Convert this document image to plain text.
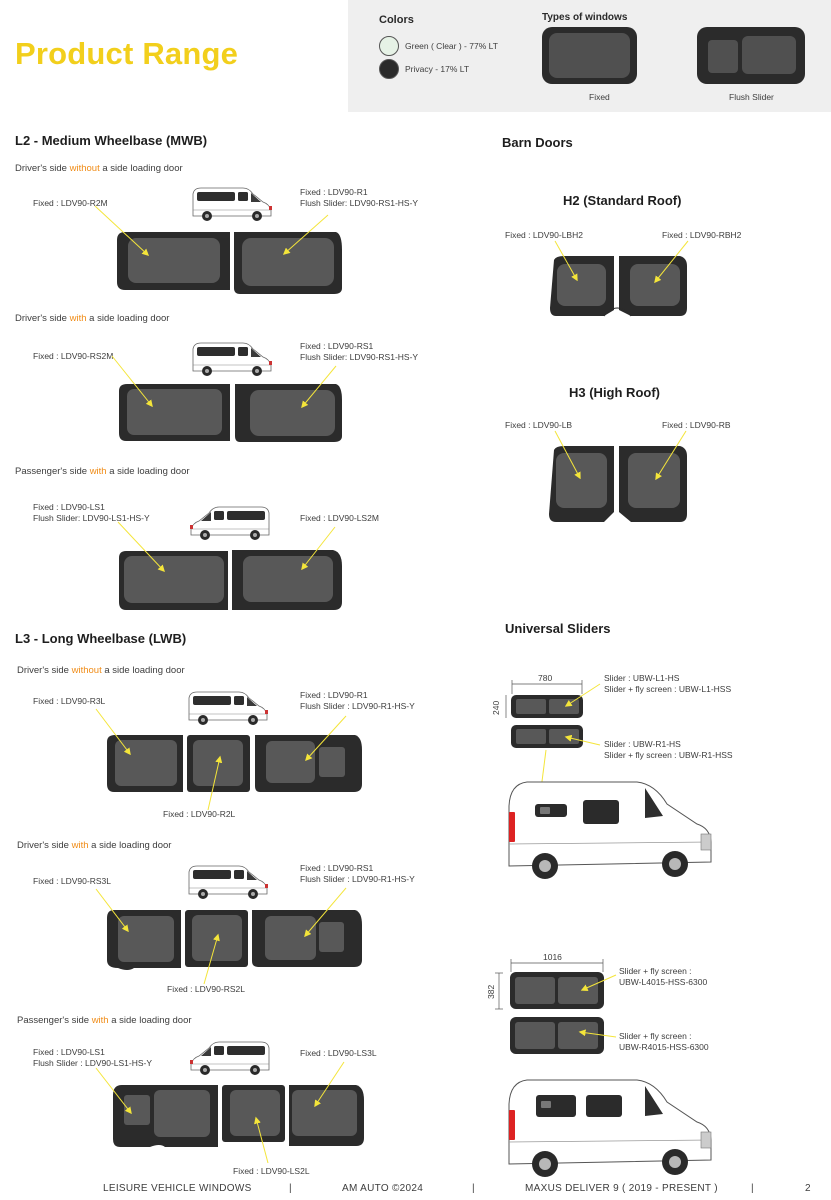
Product Range
Colors
Green ( Clear ) - 77% LT
Privacy - 17% LT
Types of windows
Fixed	Flush Slider
L2 - Medium Wheelbase (MWB)
Driver's side without a side loading door
Fixed : LDV90-R2M
Fixed : LDV90-R1
Flush Slider: LDV90-RS1-HS-Y
Driver's side with a side loading door
Fixed : LDV90-RS2M
Fixed : LDV90-RS1
Flush Slider: LDV90-RS1-HS-Y
Passenger's side with a side loading door
Fixed : LDV90-LS1
Flush Slider: LDV90-LS1-HS-Y	Fixed : LDV90-LS2M
L3 - Long Wheelbase (LWB)
Driver's side without a side loading door
Fixed : LDV90-R3L
Fixed : LDV90-R1
Flush Slider : LDV90-R1-HS-Y
Fixed : LDV90-R2L
Driver's side with a side loading door
Fixed : LDV90-RS3L
Fixed : LDV90-RS1
Flush Slider : LDV90-R1-HS-Y
Fixed : LDV90-RS2L
Passenger's side with a side loading door
Fixed : LDV90-LS1
Flush Slider : LDV90-LS1-HS-Y
Fixed : LDV90-LS3L
Fixed : LDV90-LS2L
Barn Doors
H2 (Standard Roof)
Fixed : LDV90-LBH2	Fixed : LDV90-RBH2
H3 (High Roof)
Fixed : LDV90-LB	Fixed : LDV90-RB
Universal Sliders
780
240
Slider : UBW-L1-HS
Slider + fly screen : UBW-L1-HSS
Slider : UBW-R1-HS
Slider + fly screen : UBW-R1-HSS
1016
382
Slider + fly screen :
UBW-L4015-HSS-6300
Slider + fly screen :
UBW-R4015-HSS-6300
LEISURE VEHICLE WINDOWS	|	AM AUTO ©2024	|	MAXUS DELIVER 9 ( 2019 - PRESENT )	|	2
